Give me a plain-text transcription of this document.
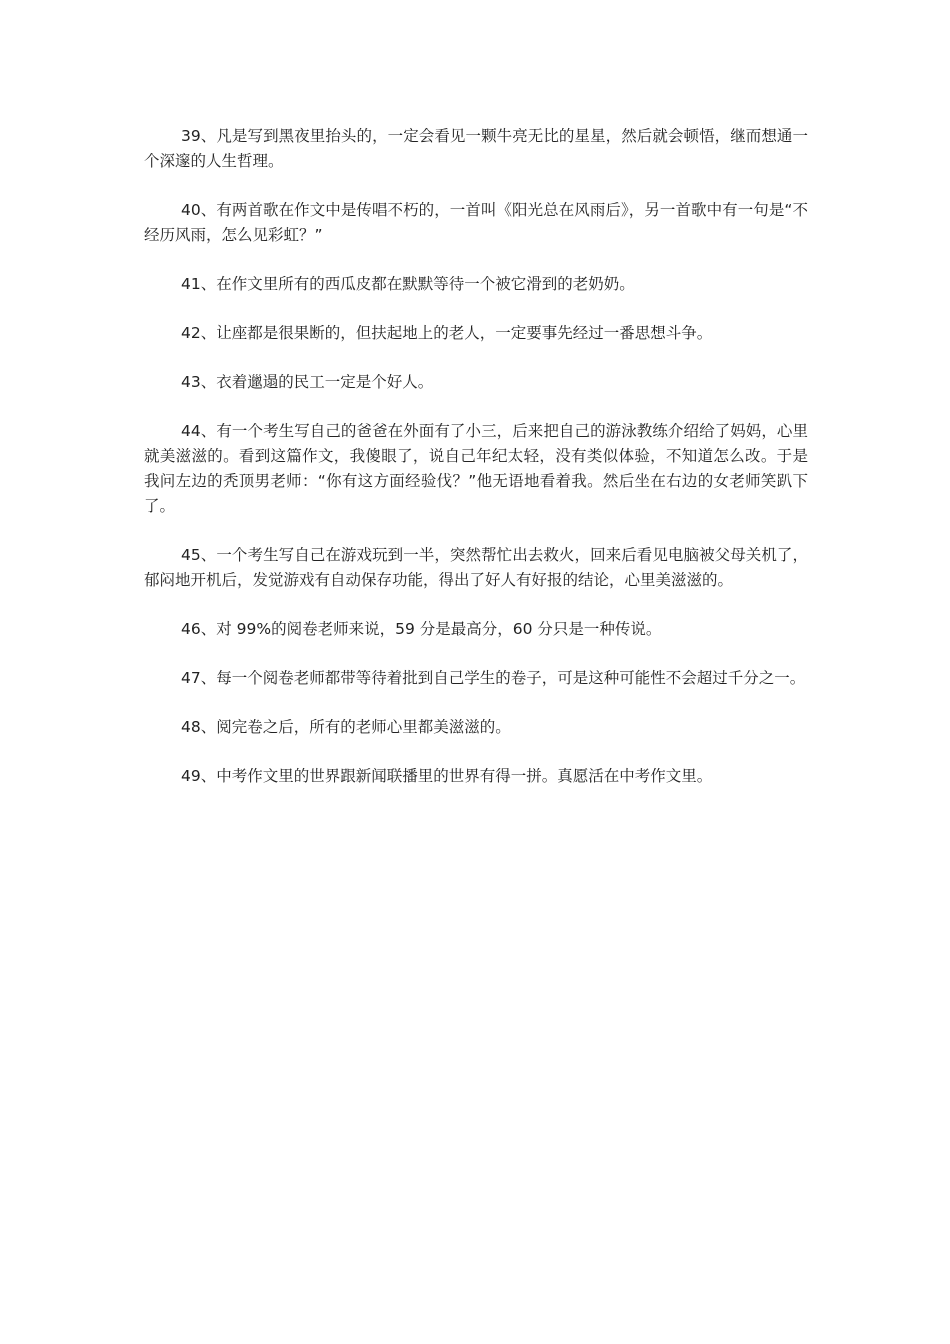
39、凡是写到黑夜里抬头的，一定会看见一颗牛亮无比的星星，然后就会顿悟，继而想通一个深邃的人生哲理。

40、有两首歌在作文中是传唱不朽的，一首叫《阳光总在风雨后》，另一首歌中有一句是“不经历风雨，怎么见彩虹？”

41、在作文里所有的西瓜皮都在默默等待一个被它滑到的老奶奶。

42、让座都是很果断的，但扶起地上的老人，一定要事先经过一番思想斗争。

43、衣着邋遢的民工一定是个好人。

44、有一个考生写自己的爸爸在外面有了小三，后来把自己的游泳教练介绍给了妈妈，心里就美滋滋的。看到这篇作文，我傻眼了，说自己年纪太轻，没有类似体验，不知道怎么改。于是我问左边的秃顶男老师：“你有这方面经验伐？”他无语地看着我。然后坐在右边的女老师笑趴下了。

45、一个考生写自己在游戏玩到一半，突然帮忙出去救火，回来后看见电脑被父母关机了，郁闷地开机后，发觉游戏有自动保存功能，得出了好人有好报的结论，心里美滋滋的。

46、对 99%的阅卷老师来说，59 分是最高分，60 分只是一种传说。

47、每一个阅卷老师都带等待着批到自己学生的卷子，可是这种可能性不会超过千分之一。

48、阅完卷之后，所有的老师心里都美滋滋的。

49、中考作文里的世界跟新闻联播里的世界有得一拼。真愿活在中考作文里。
